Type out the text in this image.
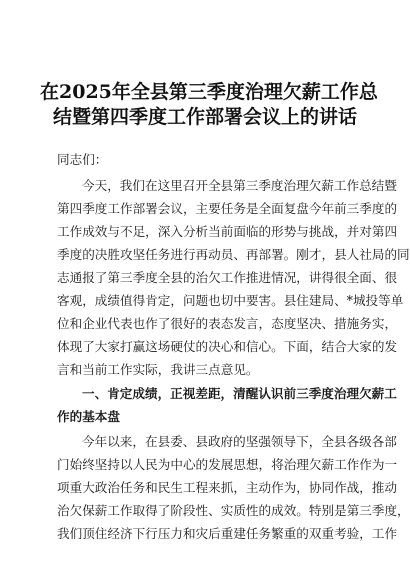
在2025年全县第三季度治理欠薪工作总
结暨第四季度工作部署会议上的讲话

同志们：

今天，我们在这里召开全县第三季度治理欠薪工作总结暨

第四季度工作部署会议，主要任务是全面复盘今年前三季度的

工作成效与不足，深入分析当前面临的形势与挑战，并对第四

季度的决胜攻坚任务进行再动员、再部署。刚才，县人社局的同

志通报了第三季度全县的治欠工作推进情况，讲得很全面、很

客观，成绩值得肯定，问题也切中要害。县住建局、*城投等单

位和企业代表也作了很好的表态发言，态度坚决、措施务实，

体现了大家打赢这场硬仗的决心和信心。下面，结合大家的发

言和当前工作实际，我讲三点意见。

一、肯定成绩，正视差距，清醒认识前三季度治理欠薪工

作的基本盘

今年以来，在县委、县政府的坚强领导下，全县各级各部

门始终坚持以人民为中心的发展思想，将治理欠薪工作作为一

项重大政治任务和民生工程来抓，主动作为，协同作战，推动

治欠保薪工作取得了阶段性、实质性的成效。特别是第三季度，

我们顶住经济下行压力和灾后重建任务繁重的双重考验，工作
